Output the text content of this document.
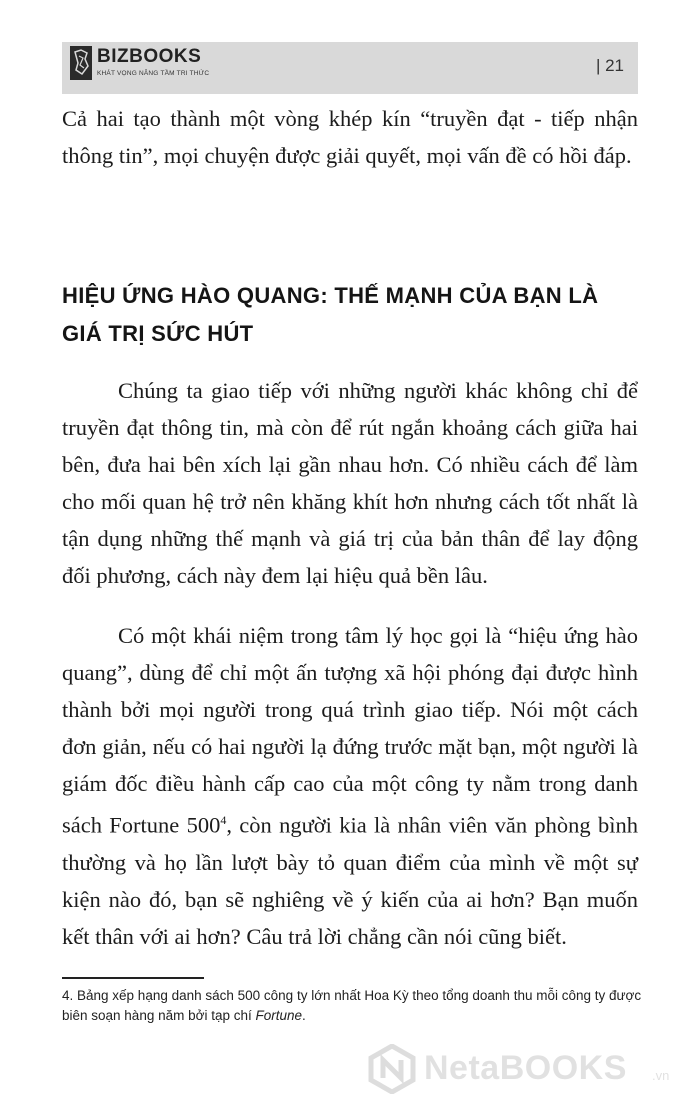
BIZBOOKS
KHÁT VỌNG NÂNG TẦM TRI THỨC	| 21

Cả hai tạo thành một vòng khép kín “truyền đạt - tiếp nhận thông tin”, mọi chuyện được giải quyết, mọi vấn đề có hồi đáp.

HIỆU ỨNG HÀO QUANG: THẾ MẠNH CỦA BẠN LÀ GIÁ TRỊ SỨC HÚT

Chúng ta giao tiếp với những người khác không chỉ để truyền đạt thông tin, mà còn để rút ngắn khoảng cách giữa hai bên, đưa hai bên xích lại gần nhau hơn. Có nhiều cách để làm cho mối quan hệ trở nên khăng khít hơn nhưng cách tốt nhất là tận dụng những thế mạnh và giá trị của bản thân để lay động đối phương, cách này đem lại hiệu quả bền lâu.

Có một khái niệm trong tâm lý học gọi là “hiệu ứng hào quang”, dùng để chỉ một ấn tượng xã hội phóng đại được hình thành bởi mọi người trong quá trình giao tiếp. Nói một cách đơn giản, nếu có hai người lạ đứng trước mặt bạn, một người là giám đốc điều hành cấp cao của một công ty nằm trong danh sách Fortune $500^4$, còn người kia là nhân viên văn phòng bình thường và họ lần lượt bày tỏ quan điểm của mình về một sự kiện nào đó, bạn sẽ nghiêng về ý kiến của ai hơn? Bạn muốn kết thân với ai hơn? Câu trả lời chẳng cần nói cũng biết.

4. Bảng xếp hạng danh sách 500 công ty lớn nhất Hoa Kỳ theo tổng doanh thu mỗi công ty được biên soạn hàng năm bởi tạp chí Fortune.
NetaBOOKS .vn
